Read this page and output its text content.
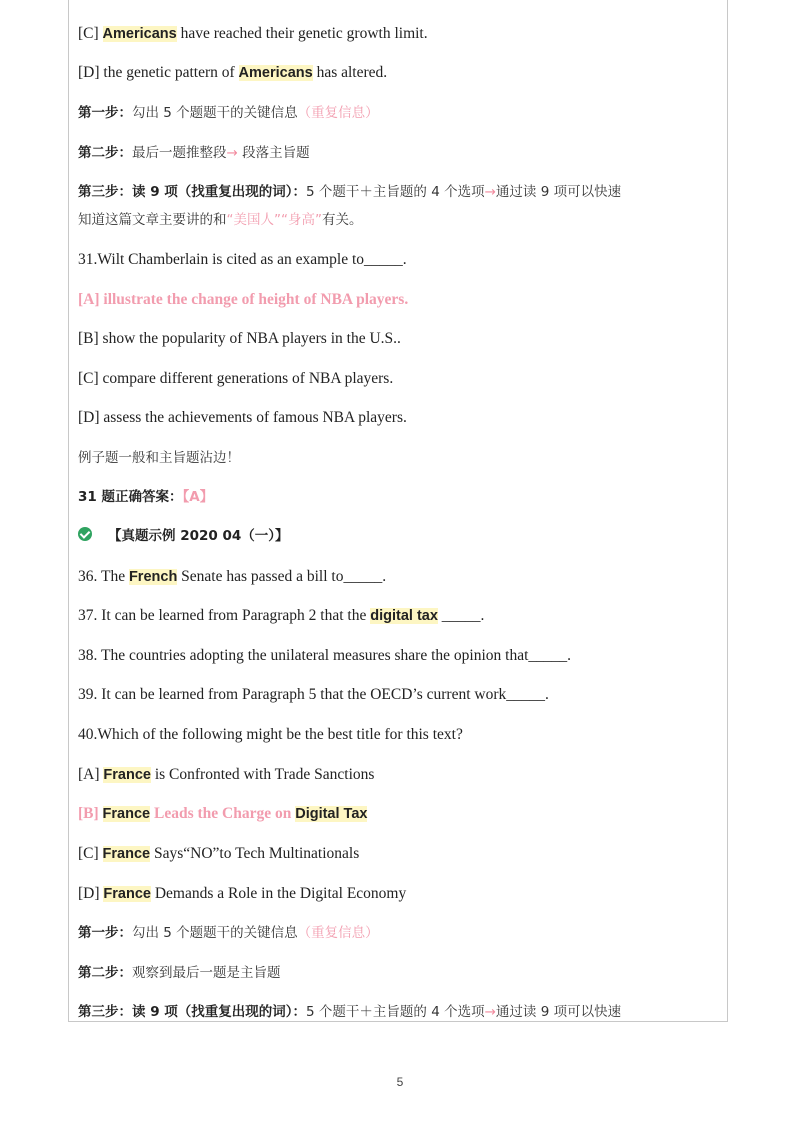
[C] Americans have reached their genetic growth limit.
[D] the genetic pattern of Americans has altered.
第一步：勾出 5 个题题干的关键信息（重复信息）
第二步：最后一题推整段→ 段落主旨题
第三步：读 9 项（找重复出现的词）：5 个题干＋主旨题的 4 个选项→通过读 9 项可以快速
知道这篇文章主要讲的和“美国人”“身高”有关。
31.Wilt Chamberlain is cited as an example to_____.
[A] illustrate the change of height of NBA players.
[B] show the popularity of NBA players in the U.S..
[C] compare different generations of NBA players.
[D] assess the achievements of famous NBA players.
例子题一般和主旨题沾边！
31 题正确答案：【A】
【真题示例 2020 04（一）】
36. The French Senate has passed a bill to_____.
37. It can be learned from Paragraph 2 that the digital tax _____.
38. The countries adopting the unilateral measures share the opinion that_____.
39. It can be learned from Paragraph 5 that the OECD’s current work_____.
40.Which of the following might be the best title for this text?
[A] France is Confronted with Trade Sanctions
[B] France Leads the Charge on Digital Tax
[C] France Says“NO”to Tech Multinationals
[D] France Demands a Role in the Digital Economy
第一步：勾出 5 个题题干的关键信息（重复信息）
第二步：观察到最后一题是主旨题
第三步：读 9 项（找重复出现的词）：5 个题干＋主旨题的 4 个选项→通过读 9 项可以快速
5
